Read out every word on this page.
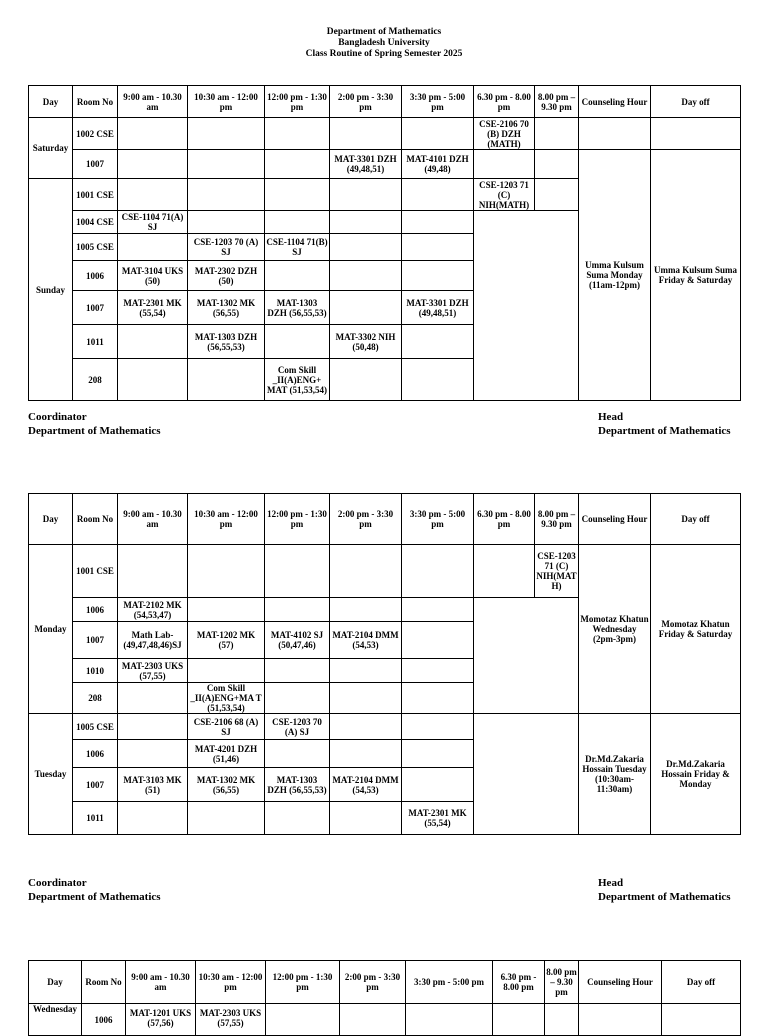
Department of Mathematics
Bangladesh University
Class Routine of Spring Semester 2025
Day	Room No	9:00 am - 10.30 am	10:30 am - 12:00 pm	12:00 pm - 1:30 pm	2:00 pm - 3:30 pm	3:30 pm - 5:00 pm	6.30 pm - 8.00 pm	8.00 pm – 9.30 pm	Counseling Hour	Day off
Saturday	1002 CSE						CSE-2106 70 (B) DZH (MATH)			
	1007				MAT-3301 DZH (49,48,51)	MAT-4101 DZH (49,48)			Umma Kulsum Suma Monday (11am-12pm)	Umma Kulsum Suma Friday & Saturday
Sunday	1001 CSE						CSE-1203 71 (C) NIH(MATH)			
	1004 CSE	CSE-1104 71(A) SJ								
	1005 CSE		CSE-1203 70 (A) SJ	CSE-1104 71(B) SJ						
	1006	MAT-3104 UKS (50)	MAT-2302 DZH (50)							
	1007	MAT-2301 MK (55,54)	MAT-1302 MK (56,55)	MAT-1303 DZH (56,55,53)		MAT-3301 DZH (49,48,51)				
	1011		MAT-1303 DZH (56,55,53)		MAT-3302 NIH (50,48)					
	208			Com Skill _II(A)ENG+ MAT (51,53,54)						
Coordinator
Department of Mathematics
Head
Department of Mathematics
Day	Room No	9:00 am - 10.30 am	10:30 am - 12:00 pm	12:00 pm - 1:30 pm	2:00 pm - 3:30 pm	3:30 pm - 5:00 pm	6.30 pm - 8.00 pm	8.00 pm – 9.30 pm	Counseling Hour	Day off
Monday	1001 CSE							CSE-1203 71 (C) NIH(MATH)	Momotaz Khatun Wednesday (2pm-3pm)	Momotaz Khatun Friday & Saturday
	1006	MAT-2102 MK (54,53,47)								
	1007	Math Lab-(49,47,48,46)SJ	MAT-1202 MK (57)	MAT-4102 SJ (50,47,46)	MAT-2104 DMM (54,53)					
	1010	MAT-2303 UKS (57,55)								
	208		Com Skill _II(A)ENG+MA T (51,53,54)							
Tuesday	1005 CSE		CSE-2106 68 (A) SJ	CSE-1203 70 (A) SJ					Dr.Md.Zakaria Hossain Tuesday (10:30am-11:30am)	Dr.Md.Zakaria Hossain Friday & Monday
	1006		MAT-4201 DZH (51,46)							
	1007	MAT-3103 MK (51)	MAT-1302 MK (56,55)	MAT-1303 DZH (56,55,53)	MAT-2104 DMM (54,53)					
	1011					MAT-2301 MK (55,54)				
Coordinator
Department of Mathematics
Head
Department of Mathematics
Day	Room No	9:00 am - 10.30 am	10:30 am - 12:00 pm	12:00 pm - 1:30 pm	2:00 pm - 3:30 pm	3:30 pm - 5:00 pm	6.30 pm - 8.00 pm	8.00 pm – 9.30 pm	Counseling Hour	Day off
Wednesday	1006	MAT-1201 UKS (57,56)	MAT-2303 UKS (57,55)							
